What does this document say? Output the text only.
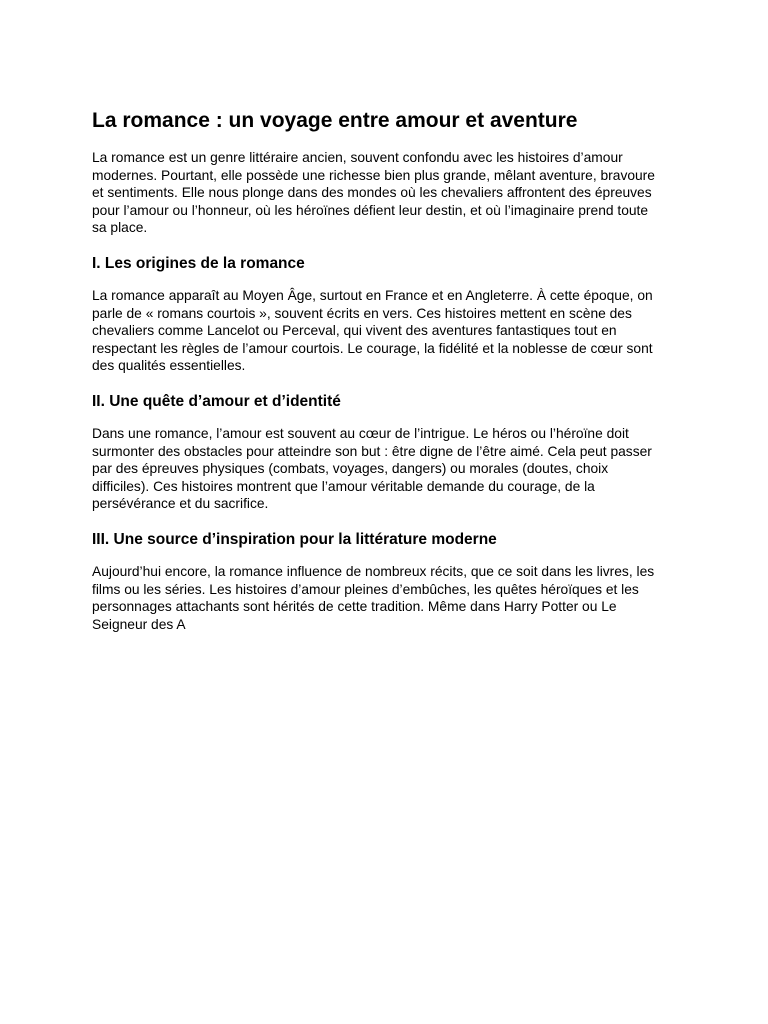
La romance : un voyage entre amour et aventure

La romance est un genre littéraire ancien, souvent confondu avec les histoires d’amour
modernes. Pourtant, elle possède une richesse bien plus grande, mêlant aventure, bravoure
et sentiments. Elle nous plonge dans des mondes où les chevaliers affrontent des épreuves
pour l’amour ou l’honneur, où les héroïnes défient leur destin, et où l’imaginaire prend toute
sa place.

I. Les origines de la romance

La romance apparaît au Moyen Âge, surtout en France et en Angleterre. À cette époque, on
parle de « romans courtois », souvent écrits en vers. Ces histoires mettent en scène des
chevaliers comme Lancelot ou Perceval, qui vivent des aventures fantastiques tout en
respectant les règles de l’amour courtois. Le courage, la fidélité et la noblesse de cœur sont
des qualités essentielles.

II. Une quête d’amour et d’identité

Dans une romance, l’amour est souvent au cœur de l’intrigue. Le héros ou l’héroïne doit
surmonter des obstacles pour atteindre son but : être digne de l’être aimé. Cela peut passer
par des épreuves physiques (combats, voyages, dangers) ou morales (doutes, choix
difficiles). Ces histoires montrent que l’amour véritable demande du courage, de la
persévérance et du sacrifice.

III. Une source d’inspiration pour la littérature moderne

Aujourd’hui encore, la romance influence de nombreux récits, que ce soit dans les livres, les
films ou les séries. Les histoires d’amour pleines d’embûches, les quêtes héroïques et les
personnages attachants sont hérités de cette tradition. Même dans Harry Potter ou Le
Seigneur des A
